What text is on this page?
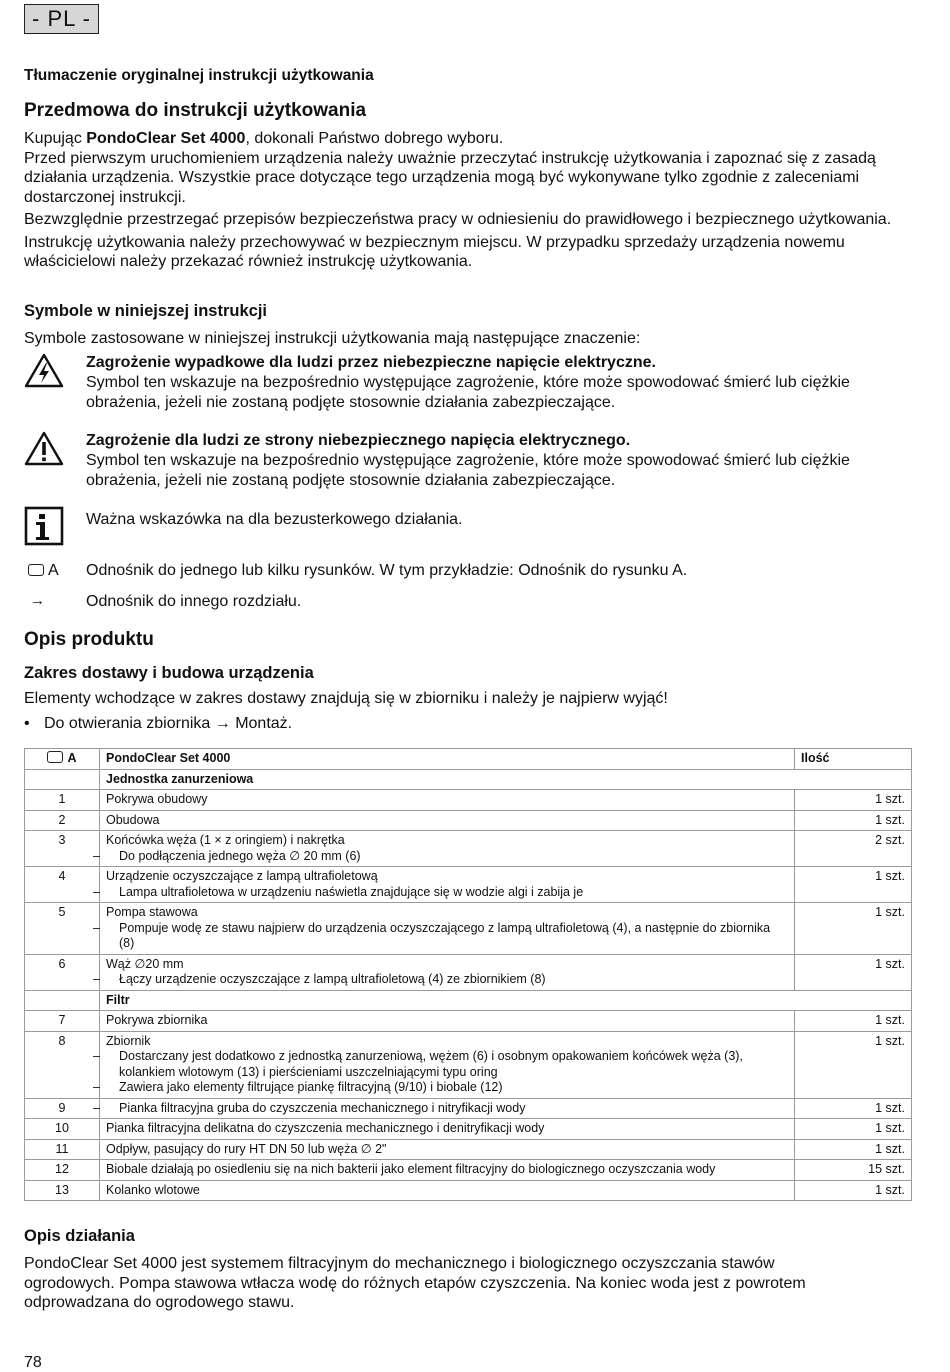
- PL -

Tłumaczenie oryginalnej instrukcji użytkowania

Przedmowa do instrukcji użytkowania

Kupując PondoClear Set 4000, dokonali Państwo dobrego wyboru.

Przed pierwszym uruchomieniem urządzenia należy uważnie przeczytać instrukcję użytkowania i zapoznać się z zasadą działania urządzenia. Wszystkie prace dotyczące tego urządzenia mogą być wykonywane tylko zgodnie z zaleceniami dostarczonej instrukcji.

Bezwzględnie przestrzegać przepisów bezpieczeństwa pracy w odniesieniu do prawidłowego i bezpiecznego użytkowania.

Instrukcję użytkowania należy przechowywać w bezpiecznym miejscu. W przypadku sprzedaży urządzenia nowemu właścicielowi należy przekazać również instrukcję użytkowania.

Symbole w niniejszej instrukcji

Symbole zastosowane w niniejszej instrukcji użytkowania mają następujące znaczenie:

Zagrożenie wypadkowe dla ludzi przez niebezpieczne napięcie elektryczne.
Symbol ten wskazuje na bezpośrednio występujące zagrożenie, które może spowodować śmierć lub ciężkie obrażenia, jeżeli nie zostaną podjęte stosownie działania zabezpieczające.
Zagrożenie dla ludzi ze strony niebezpiecznego napięcia elektrycznego.
Symbol ten wskazuje na bezpośrednio występujące zagrożenie, które może spowodować śmierć lub ciężkie obrażenia, jeżeli nie zostaną podjęte stosownie działania zabezpieczające.
Ważna wskazówka na dla bezusterkowego działania.
A Odnośnik do jednego lub kilku rysunków. W tym przykładzie: Odnośnik do rysunku A.
→	Odnośnik do innego rozdziału.

Opis produktu

Zakres dostawy i budowa urządzenia

Elementy wchodzące w zakres dostawy znajdują się w zbiorniku i należy je najpierw wyjąć!

• Do otwierania zbiornika → Montaż.

A	PondoClear Set 4000	Ilość
	Jednostka zanurzeniowa	
1	Pokrywa obudowy	1 szt.
2	Obudowa	1 szt.
3	Końcówka węża (1 × z oringiem) i nakrętka
– Do podłączenia jednego węża ∅ 20 mm (6)	2 szt.
4	Urządzenie oczyszczające z lampą ultrafioletową
– Lampa ultrafioletowa w urządzeniu naświetla znajdujące się w wodzie algi i zabija je	1 szt.
5	Pompa stawowa
– Pompuje wodę ze stawu najpierw do urządzenia oczyszczającego z lampą ultrafioletową (4), a następnie do zbiornika (8)	1 szt.
6	Wąż ∅20 mm
– Łączy urządzenie oczyszczające z lampą ultrafioletową (4) ze zbiornikiem (8)	1 szt.
	Filtr	
7	Pokrywa zbiornika	1 szt.
8	Zbiornik
– Dostarczany jest dodatkowo z jednostką zanurzeniową, wężem (6) i osobnym opakowaniem końcówek węża (3), kolankiem wlotowym (13) i pierścieniami uszczelniającymi typu oring
– Zawiera jako elementy filtrujące piankę filtracyjną (9/10) i biobale (12)	1 szt.
9	– Pianka filtracyjna gruba do czyszczenia mechanicznego i nitryfikacji wody	1 szt.
10	Pianka filtracyjna delikatna do czyszczenia mechanicznego i denitryfikacji wody	1 szt.
11	Odpływ, pasujący do rury HT DN 50 lub węża ∅ 2"	1 szt.
12	Biobale działają po osiedleniu się na nich bakterii jako element filtracyjny do biologicznego oczyszczania wody	15 szt.
13	Kolanko wlotowe	1 szt.

Opis działania

PondoClear Set 4000 jest systemem filtracyjnym do mechanicznego i biologicznego oczyszczania stawów ogrodowych. Pompa stawowa wtłacza wodę do różnych etapów czyszczenia. Na koniec woda jest z powrotem odprowadzana do ogrodowego stawu.

78
